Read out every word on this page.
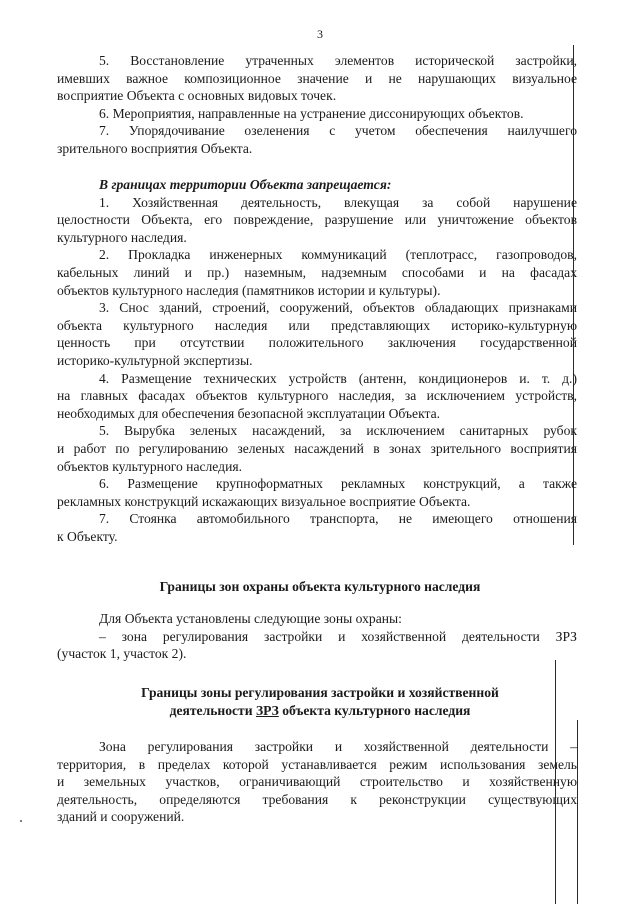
3
5. Восстановление утраченных элементов исторической застройки,
имевших важное композиционное значение и не нарушающих визуальное
восприятие Объекта с основных видовых точек.
6. Мероприятия, направленные на устранение диссонирующих объектов.
7. Упорядочивание озеленения с учетом обеспечения наилучшего
зрительного восприятия Объекта.
В границах территории Объекта запрещается:
1. Хозяйственная деятельность, влекущая за собой нарушение
целостности Объекта, его повреждение, разрушение или уничтожение объектов
культурного наследия.
2. Прокладка инженерных коммуникаций (теплотрасс, газопроводов,
кабельных линий и пр.) наземным, надземным способами и на фасадах
объектов культурного наследия (памятников истории и культуры).
3. Снос зданий, строений, сооружений, объектов обладающих признаками
объекта культурного наследия или представляющих историко-культурную
ценность при отсутствии положительного заключения государственной
историко-культурной экспертизы.
4. Размещение технических устройств (антенн, кондиционеров и. т. д.)
на главных фасадах объектов культурного наследия, за исключением устройств,
необходимых для обеспечения безопасной эксплуатации Объекта.
5. Вырубка зеленых насаждений, за исключением санитарных рубок
и работ по регулированию зеленых насаждений в зонах зрительного восприятия
объектов культурного наследия.
6. Размещение крупноформатных рекламных конструкций, а также
рекламных конструкций искажающих визуальное восприятие Объекта.
7. Стоянка автомобильного транспорта, не имеющего отношения
к Объекту.
Границы зон охраны объекта культурного наследия
Для Объекта установлены следующие зоны охраны:
– зона регулирования застройки и хозяйственной деятельности ЗРЗ
(участок 1, участок 2).
Границы зоны регулирования застройки и хозяйственной
деятельности ЗРЗ объекта культурного наследия
Зона регулирования застройки и хозяйственной деятельности –
территория, в пределах которой устанавливается режим использования земель
и земельных участков, ограничивающий строительство и хозяйственную
деятельность, определяются требования к реконструкции существующих
зданий и сооружений.
